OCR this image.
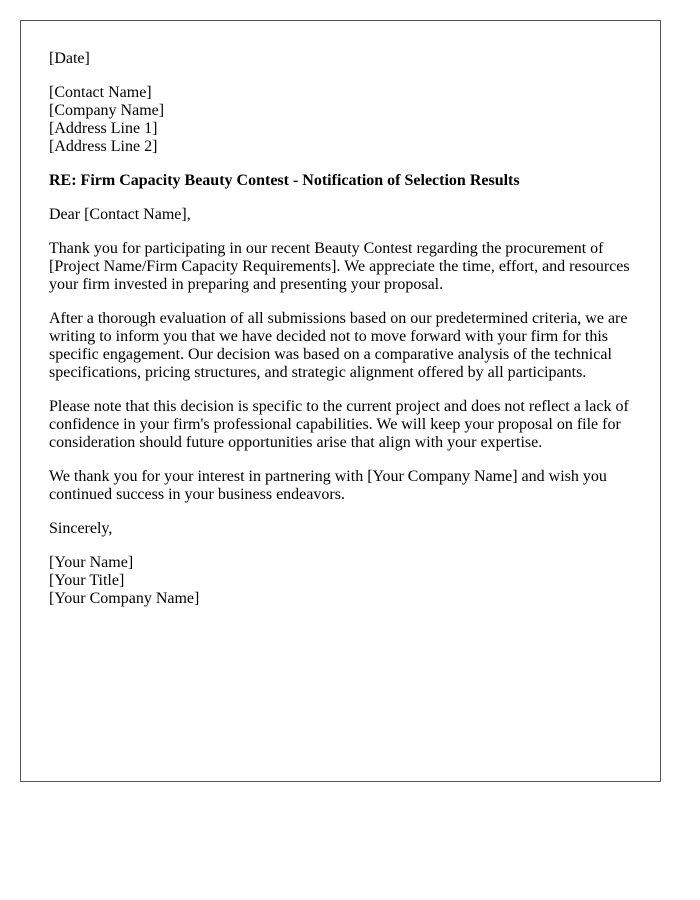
[Date]

[Contact Name]
[Company Name]
[Address Line 1]
[Address Line 2]

RE: Firm Capacity Beauty Contest - Notification of Selection Results

Dear [Contact Name],

Thank you for participating in our recent Beauty Contest regarding the procurement of [Project Name/Firm Capacity Requirements]. We appreciate the time, effort, and resources your firm invested in preparing and presenting your proposal.

After a thorough evaluation of all submissions based on our predetermined criteria, we are writing to inform you that we have decided not to move forward with your firm for this specific engagement. Our decision was based on a comparative analysis of the technical specifications, pricing structures, and strategic alignment offered by all participants.

Please note that this decision is specific to the current project and does not reflect a lack of confidence in your firm's professional capabilities. We will keep your proposal on file for consideration should future opportunities arise that align with your expertise.

We thank you for your interest in partnering with [Your Company Name] and wish you continued success in your business endeavors.

Sincerely,

[Your Name]
[Your Title]
[Your Company Name]
